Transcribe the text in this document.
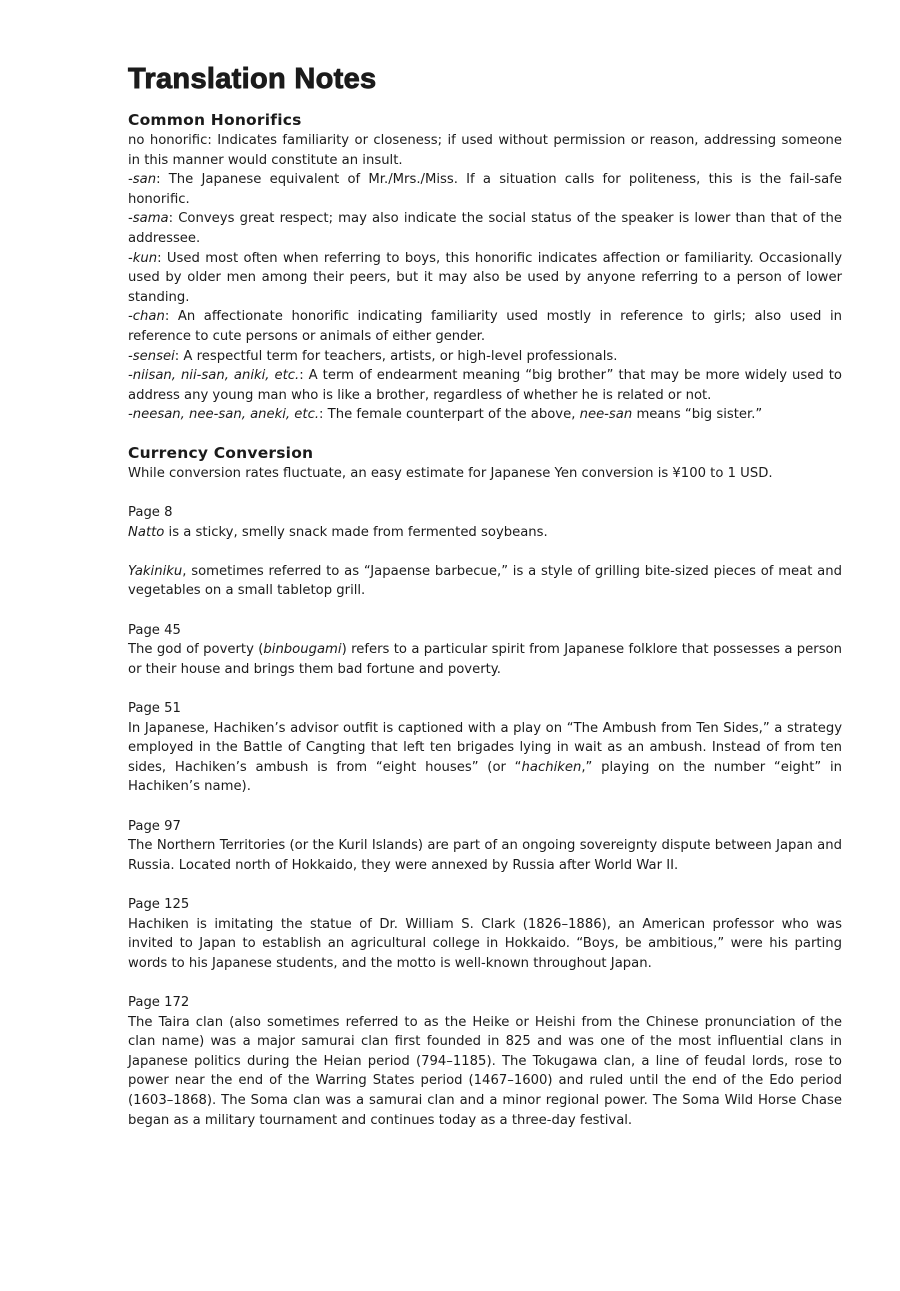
Translation Notes
Common Honorifics

no honorific: Indicates familiarity or closeness; if used without permission or reason, addressing someone in this manner would constitute an insult.

-san: The Japanese equivalent of Mr./Mrs./Miss. If a situation calls for politeness, this is the fail-safe honorific.

-sama: Conveys great respect; may also indicate the social status of the speaker is lower than that of the addressee.

-kun: Used most often when referring to boys, this honorific indicates affection or familiarity. Occasionally used by older men among their peers, but it may also be used by anyone referring to a person of lower standing.

-chan: An affectionate honorific indicating familiarity used mostly in reference to girls; also used in reference to cute persons or animals of either gender.

-sensei: A respectful term for teachers, artists, or high-level professionals.

-niisan, nii-san, aniki, etc.: A term of endearment meaning “big brother” that may be more widely used to address any young man who is like a brother, regardless of whether he is related or not.

-neesan, nee-san, aneki, etc.: The female counterpart of the above, nee-san means “big sister.”

Currency Conversion

While conversion rates fluctuate, an easy estimate for Japanese Yen conversion is ¥100 to 1 USD.

Page 8

Natto is a sticky, smelly snack made from fermented soybeans.

Yakiniku, sometimes referred to as “Japaense barbecue,” is a style of grilling bite-sized pieces of meat and vegetables on a small tabletop grill.

Page 45

The god of poverty (binbougami) refers to a particular spirit from Japanese folklore that possesses a person or their house and brings them bad fortune and poverty.

Page 51

In Japanese, Hachiken’s advisor outfit is captioned with a play on “The Ambush from Ten Sides,” a strategy employed in the Battle of Cangting that left ten brigades lying in wait as an ambush. Instead of from ten sides, Hachiken’s ambush is from “eight houses” (or “hachiken,” playing on the number “eight” in Hachiken’s name).

Page 97

The Northern Territories (or the Kuril Islands) are part of an ongoing sovereignty dispute between Japan and Russia. Located north of Hokkaido, they were annexed by Russia after World War II.

Page 125

Hachiken is imitating the statue of Dr. William S. Clark (1826–1886), an American professor who was invited to Japan to establish an agricultural college in Hokkaido. “Boys, be ambitious,” were his parting words to his Japanese students, and the motto is well-known throughout Japan.

Page 172

The Taira clan (also sometimes referred to as the Heike or Heishi from the Chinese pronunciation of the clan name) was a major samurai clan first founded in 825 and was one of the most influential clans in Japanese politics during the Heian period (794–1185). The Tokugawa clan, a line of feudal lords, rose to power near the end of the Warring States period (1467–1600) and ruled until the end of the Edo period (1603–1868). The Soma clan was a samurai clan and a minor regional power. The Soma Wild Horse Chase began as a military tournament and continues today as a three-day festival.
